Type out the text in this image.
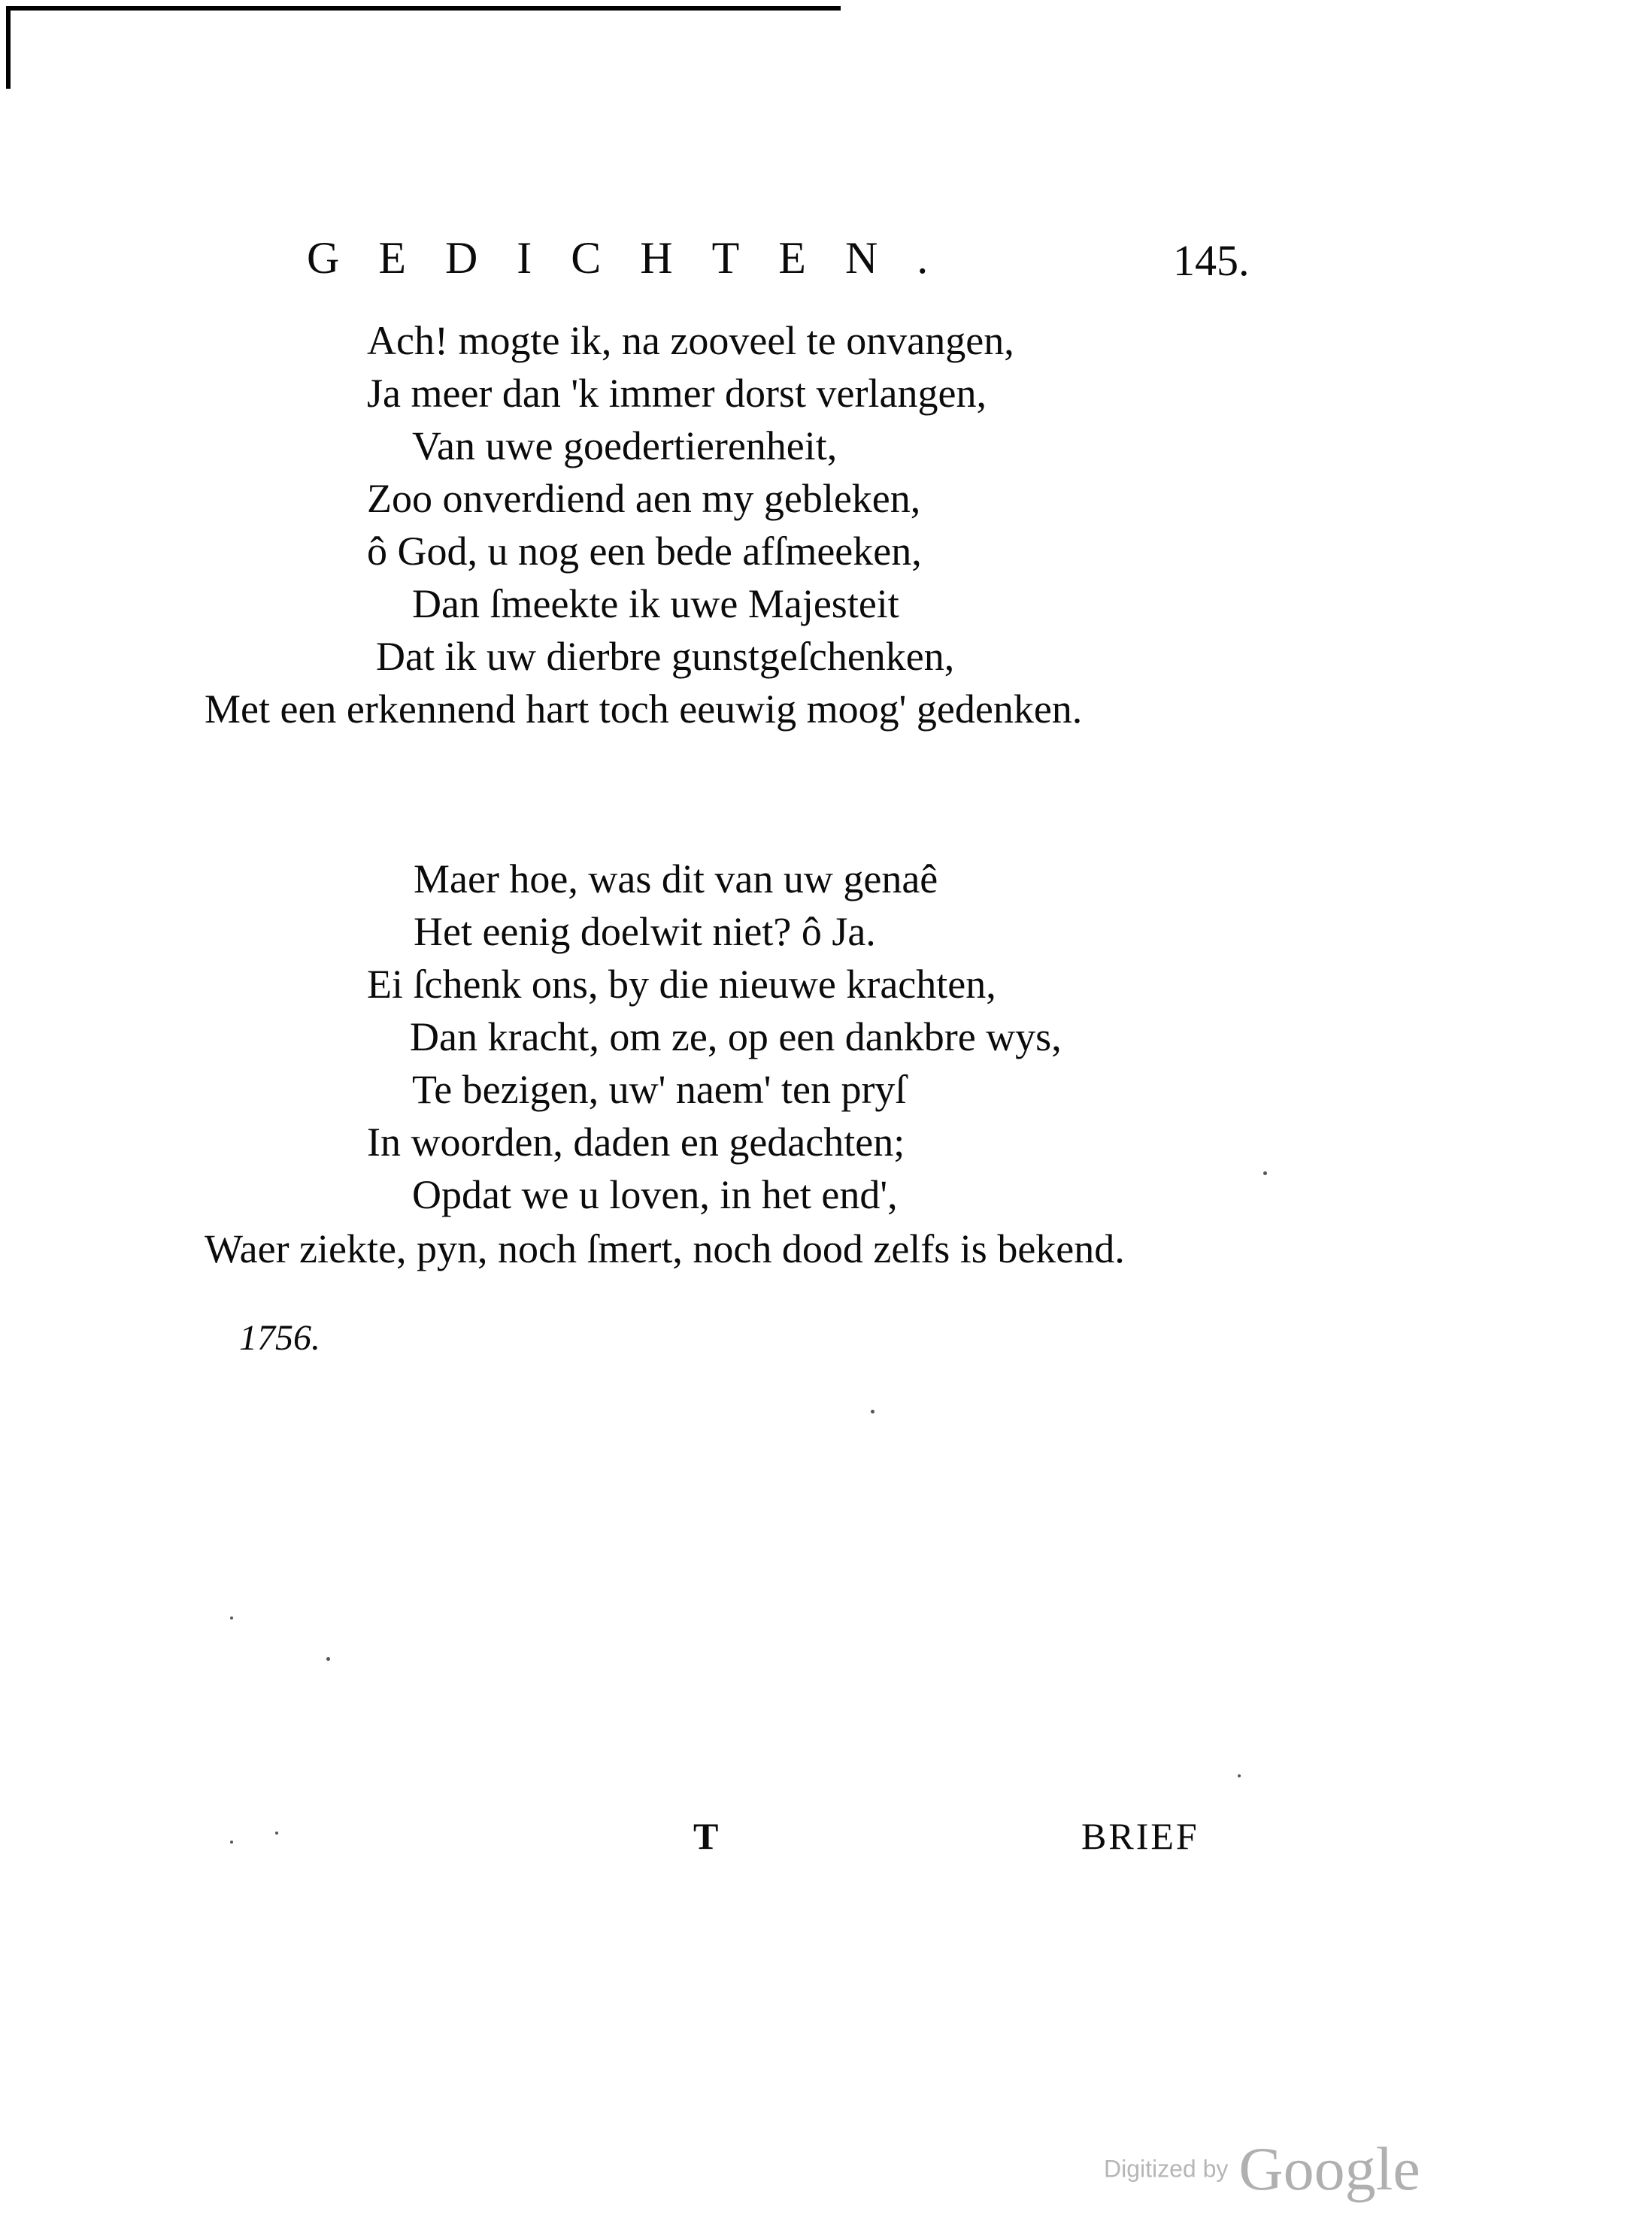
GEDICHTEN.	145.
Ach! mogte ik, na zooveel te onvangen,
Ja meer dan 'k immer dorst verlangen,
Van uwe goedertierenheit,
Zoo onverdiend aen my gebleken,
ô God, u nog een bede afſmeeken,
Dan ſmeekte ik uwe Majesteit
Dat ik uw dierbre gunstgeſchenken,
Met een erkennend hart toch eeuwig moog' gedenken.
Maer hoe, was dit van uw genaê
Het eenig doelwit niet? ô Ja.
Ei ſchenk ons, by die nieuwe krachten,
Dan kracht, om ze, op een dankbre wys,
Te bezigen, uw' naem' ten pryſ
In woorden, daden en gedachten;
Opdat we u loven, in het end',
Waer ziekte, pyn, noch ſmert, noch dood zelfs is bekend.
1756.
T	BRIEF
Digitized by Google
